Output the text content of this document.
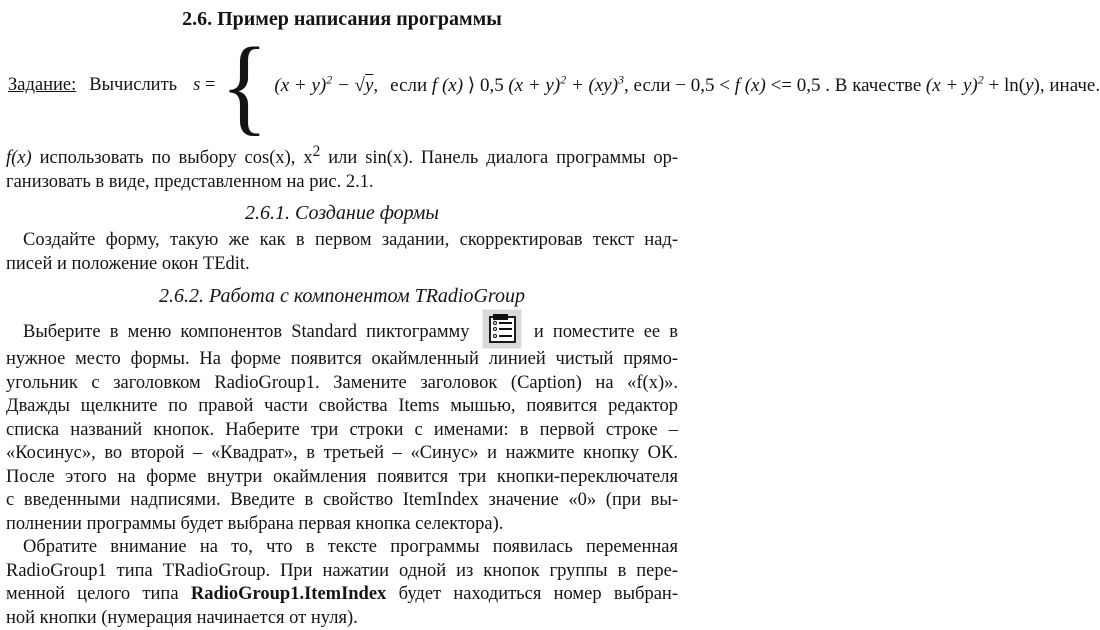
2.6. Пример написания программы
Задание: Вычислить s = { $(x + y)^2 - √y$, если f (x) ⟩ 0,5 $(x + y)^2 + (xy)^3$, если − 0,5 < f (x) <= 0,5 . В качестве $(x + y)^2 + \ln(y)$, иначе.
f(x) использовать по выбору cos(x), $x^2$ или sin(x). Панель диалога программы ор-
ганизовать в виде, представленном на рис. 2.1.
2.6.1. Создание формы
Создайте форму, такую же как в первом задании, скорректировав текст над-
писей и положение окон TEdit.
2.6.2. Работа с компонентом TRadioGroup
Выберите в меню компонентов Standard пиктограмму	и поместите ее в
нужное место формы. На форме появится окаймленный линией чистый прямо-
угольник с заголовком RadioGroup1. Замените заголовок (Caption) на «f(x)».
Дважды щелкните по правой части свойства Items мышью, появится редактор
списка названий кнопок. Наберите три строки с именами: в первой строке –
«Косинус», во второй – «Квадрат», в третьей – «Синус» и нажмите кнопку ОК.
После этого на форме внутри окаймления появится три кнопки-переключателя
с введенными надписями. Введите в свойство ItemIndex значение «0» (при вы-
полнении программы будет выбрана первая кнопка селектора).
Обратите внимание на то, что в тексте программы появилась переменная
RadioGroup1 типа TRadioGroup. При нажатии одной из кнопок группы в пере-
менной целого типа RadioGroup1.ItemIndex будет находиться номер выбран-
ной кнопки (нумерация начинается от нуля).
